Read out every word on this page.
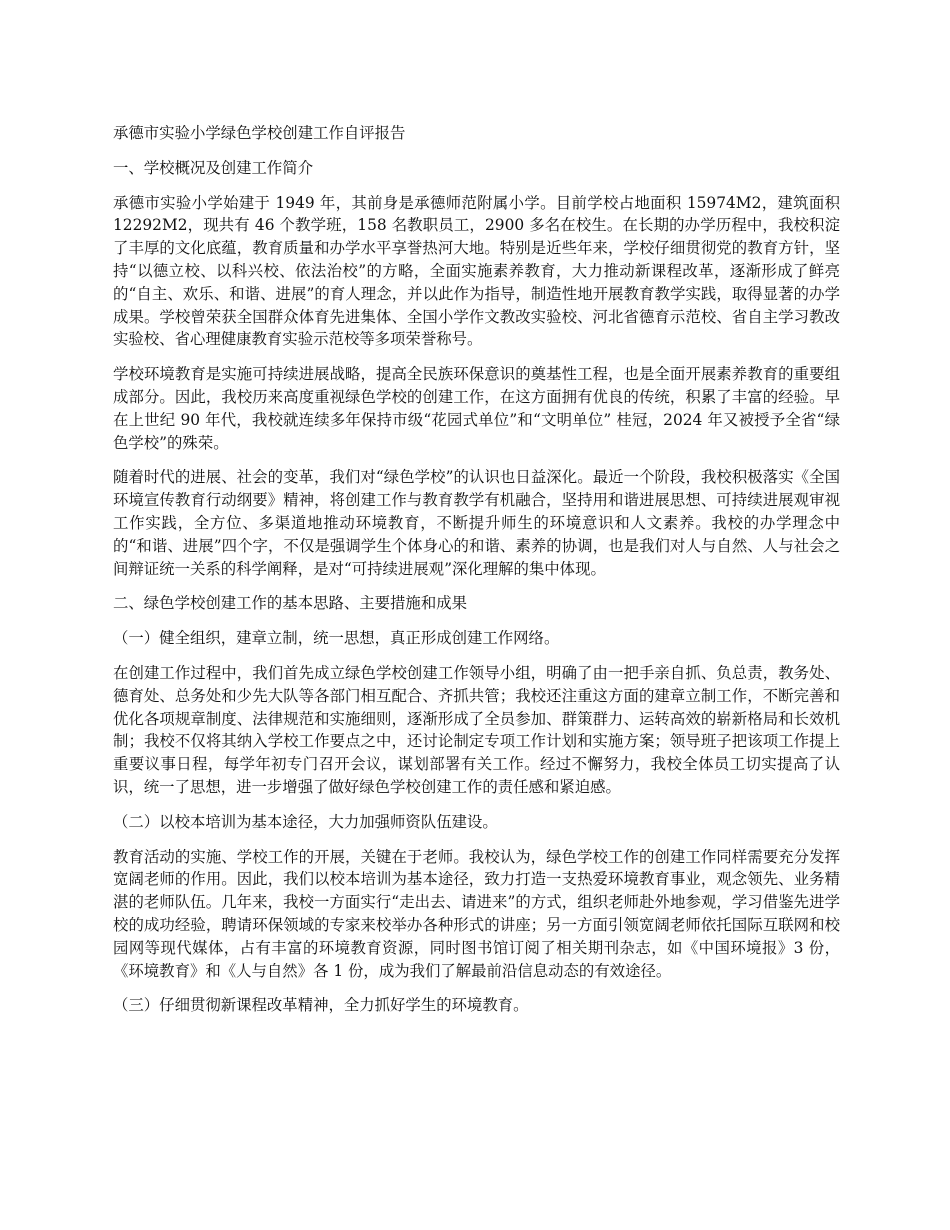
承德市实验小学绿色学校创建工作自评报告

一、学校概况及创建工作简介

承德市实验小学始建于 1949 年，其前身是承德师范附属小学。目前学校占地面积 15974M2，建筑面积 12292M2，现共有 46 个教学班，158 名教职员工，2900 多名在校生。在长期的办学历程中，我校积淀了丰厚的文化底蕴，教育质量和办学水平享誉热河大地。特别是近些年来，学校仔细贯彻党的教育方针，坚持“以德立校、以科兴校、依法治校”的方略，全面实施素养教育，大力推动新课程改革，逐渐形成了鲜亮的“自主、欢乐、和谐、进展”的育人理念，并以此作为指导，制造性地开展教育教学实践，取得显著的办学成果。学校曾荣获全国群众体育先进集体、全国小学作文教改实验校、河北省德育示范校、省自主学习教改实验校、省心理健康教育实验示范校等多项荣誉称号。

学校环境教育是实施可持续进展战略，提高全民族环保意识的奠基性工程，也是全面开展素养教育的重要组成部分。因此，我校历来高度重视绿色学校的创建工作，在这方面拥有优良的传统，积累了丰富的经验。早在上世纪 90 年代，我校就连续多年保持市级“花园式单位”和“文明单位” 桂冠，2024 年又被授予全省“绿色学校”的殊荣。

随着时代的进展、社会的变革，我们对“绿色学校”的认识也日益深化。最近一个阶段，我校积极落实《全国环境宣传教育行动纲要》精神，将创建工作与教育教学有机融合，坚持用和谐进展思想、可持续进展观审视工作实践，全方位、多渠道地推动环境教育，不断提升师生的环境意识和人文素养。我校的办学理念中的“和谐、进展”四个字，不仅是强调学生个体身心的和谐、素养的协调，也是我们对人与自然、人与社会之间辩证统一关系的科学阐释，是对“可持续进展观”深化理解的集中体现。

二、绿色学校创建工作的基本思路、主要措施和成果

（一）健全组织，建章立制，统一思想，真正形成创建工作网络。

在创建工作过程中，我们首先成立绿色学校创建工作领导小组，明确了由一把手亲自抓、负总责，教务处、德育处、总务处和少先大队等各部门相互配合、齐抓共管；我校还注重这方面的建章立制工作，不断完善和优化各项规章制度、法律规范和实施细则，逐渐形成了全员参加、群策群力、运转高效的崭新格局和长效机制；我校不仅将其纳入学校工作要点之中，还讨论制定专项工作计划和实施方案；领导班子把该项工作提上重要议事日程，每学年初专门召开会议，谋划部署有关工作。经过不懈努力，我校全体员工切实提高了认识，统一了思想，进一步增强了做好绿色学校创建工作的责任感和紧迫感。

（二）以校本培训为基本途径，大力加强师资队伍建设。

教育活动的实施、学校工作的开展，关键在于老师。我校认为，绿色学校工作的创建工作同样需要充分发挥宽阔老师的作用。因此，我们以校本培训为基本途径，致力打造一支热爱环境教育事业，观念领先、业务精湛的老师队伍。几年来，我校一方面实行“走出去、请进来”的方式，组织老师赴外地参观，学习借鉴先进学校的成功经验，聘请环保领域的专家来校举办各种形式的讲座；另一方面引领宽阔老师依托国际互联网和校园网等现代媒体，占有丰富的环境教育资源，同时图书馆订阅了相关期刊杂志，如《中国环境报》3 份，《环境教育》和《人与自然》各 1 份，成为我们了解最前沿信息动态的有效途径。

（三）仔细贯彻新课程改革精神，全力抓好学生的环境教育。
